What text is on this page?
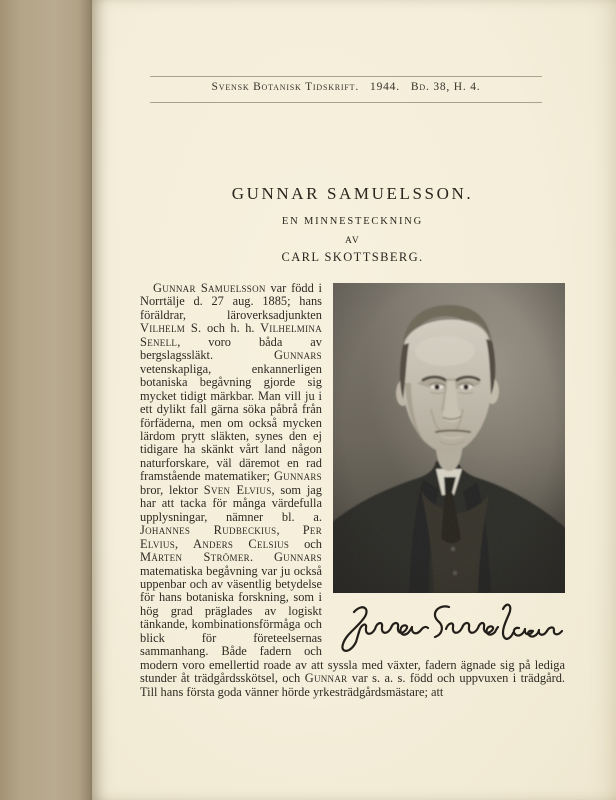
Svensk Botanisk Tidskrift.   1944.   Bd. 38, H. 4.
GUNNAR SAMUELSSON.
EN MINNESTECKNING
AV
CARL SKOTTSBERG.

Gunnar Samuelsson var född i Norrtälje d. 27 aug. 1885; hans föräldrar, läroverksadjunkten Vilhelm S. och h. h. Vilhelmina Senell, voro båda av bergslagssläkt. Gunnars vetenskapliga, enkannerligen botaniska begåvning gjorde sig mycket tidigt märkbar. Man vill ju i ett dylikt fall gärna söka påbrå från förfäderna, men om också mycken lärdom prytt släkten, synes den ej tidigare ha skänkt vårt land någon naturforskare, väl däremot en rad framstående matematiker; Gunnars bror, lektor Sven Elvius, som jag har att tacka för många värdefulla upplysningar, nämner bl. a. Johannes Rudbeckius, Per Elvius, Anders Celsius och Mårten Strömer. Gunnars matematiska begåvning var ju också uppenbar och av väsentlig betydelse för hans botaniska forskning, som i hög grad präglades av logiskt tänkande, kombinationsförmåga och blick för företeelsernas sammanhang. Både fadern och modern voro emellertid roade av att syssla med växter, fadern ägnade sig på lediga stunder åt trädgårdsskötsel, och Gunnar var s. a. s. född och uppvuxen i trädgård. Till hans första goda vänner hörde yrkesträdgårdsmästare; att
